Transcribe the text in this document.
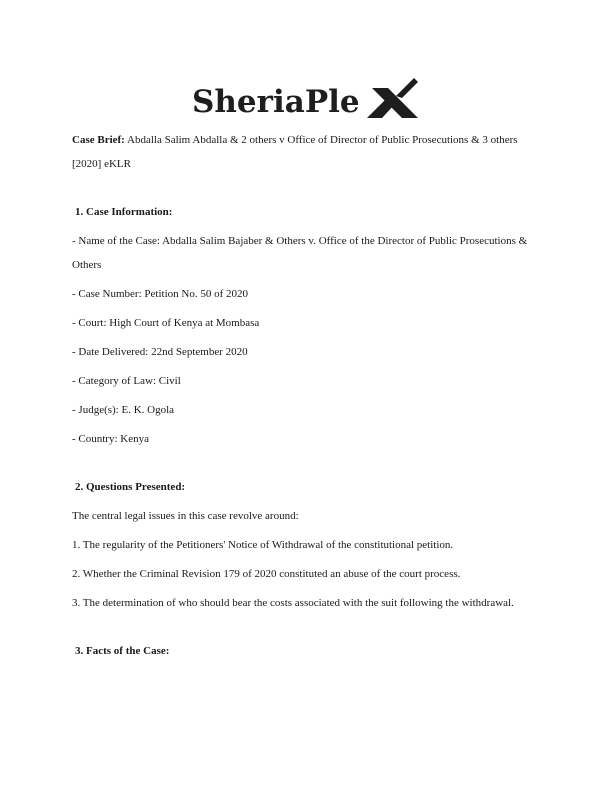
SheriaPle

Case Brief: Abdalla Salim Abdalla & 2 others v Office of Director of Public Prosecutions & 3 others [2020] eKLR

1. Case Information:

- Name of the Case: Abdalla Salim Bajaber & Others v. Office of the Director of Public Prosecutions & Others

- Case Number: Petition No. 50 of 2020

- Court: High Court of Kenya at Mombasa

- Date Delivered: 22nd September 2020

- Category of Law: Civil

- Judge(s): E. K. Ogola

- Country: Kenya

2. Questions Presented:

The central legal issues in this case revolve around:

1. The regularity of the Petitioners' Notice of Withdrawal of the constitutional petition.

2. Whether the Criminal Revision 179 of 2020 constituted an abuse of the court process.

3. The determination of who should bear the costs associated with the suit following the withdrawal.

3. Facts of the Case:
